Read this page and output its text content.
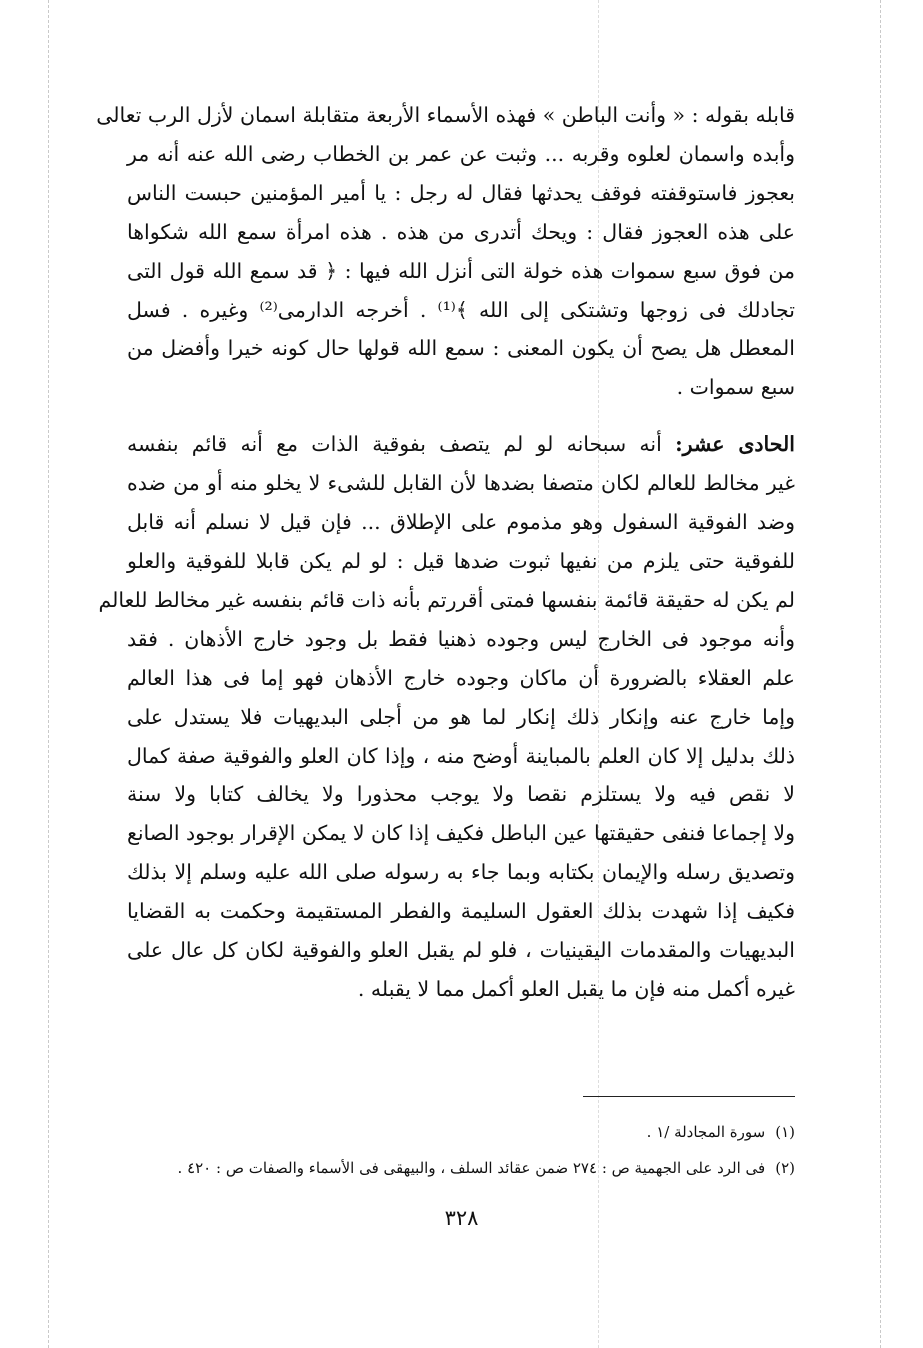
قابله بقوله : « وأنت الباطن » فهذه الأسماء الأربعة متقابلة اسمان لأزل الرب تعالى

وأبده واسمان لعلوه وقربه ... وثبت عن عمر بن الخطاب رضى الله عنه أنه مر

بعجوز فاستوقفته فوقف يحدثها فقال له رجل : يا أمير المؤمنين حبست الناس

على هذه العجوز فقال : ويحك أتدرى من هذه . هذه امرأة سمع الله شكواها

من فوق سبع سموات هذه خولة التى أنزل الله فيها : ﴿ قد سمع الله قول التى

تجادلك فى زوجها وتشتكى إلى الله ﴾⁽¹⁾ . أخرجه الدارمى⁽²⁾ وغيره . فسل

المعطل هل يصح أن يكون المعنى : سمع الله قولها حال كونه خيرا وأفضل من

سبع سموات .

الحادى عشر: أنه سبحانه لو لم يتصف بفوقية الذات مع أنه قائم بنفسه

غير مخالط للعالم لكان متصفا بضدها لأن القابل للشىء لا يخلو منه أو من ضده

وضد الفوقية السفول وهو مذموم على الإطلاق ... فإن قيل لا نسلم أنه قابل

للفوقية حتى يلزم من نفيها ثبوت ضدها قيل : لو لم يكن قابلا للفوقية والعلو

لم يكن له حقيقة قائمة بنفسها فمتى أقررتم بأنه ذات قائم بنفسه غير مخالط للعالم

وأنه موجود فى الخارج ليس وجوده ذهنيا فقط بل وجود خارج الأذهان . فقد

علم العقلاء بالضرورة أن ماكان وجوده خارج الأذهان فهو إما فى هذا العالم

وإما خارج عنه وإنكار ذلك إنكار لما هو من أجلى البديهيات فلا يستدل على

ذلك بدليل إلا كان العلم بالمباينة أوضح منه ، وإذا كان العلو والفوقية صفة كمال

لا نقص فيه ولا يستلزم نقصا ولا يوجب محذورا ولا يخالف كتابا ولا سنة

ولا إجماعا فنفى حقيقتها عين الباطل فكيف إذا كان لا يمكن الإقرار بوجود الصانع

وتصديق رسله والإيمان بكتابه وبما جاء به رسوله صلى الله عليه وسلم إلا بذلك

فكيف إذا شهدت بذلك العقول السليمة والفطر المستقيمة وحكمت به القضايا

البديهيات والمقدمات اليقينيات ، فلو لم يقبل العلو والفوقية لكان كل عال على

غيره أكمل منه فإن ما يقبل العلو أكمل مما لا يقبله .

(١)سورة المجادلة /١ .

(٢)فى الرد على الجهمية ص : ٢٧٤ ضمن عقائد السلف ، والبيهقى فى الأسماء والصفات ص : ٤٢٠ .

٣٢٨
